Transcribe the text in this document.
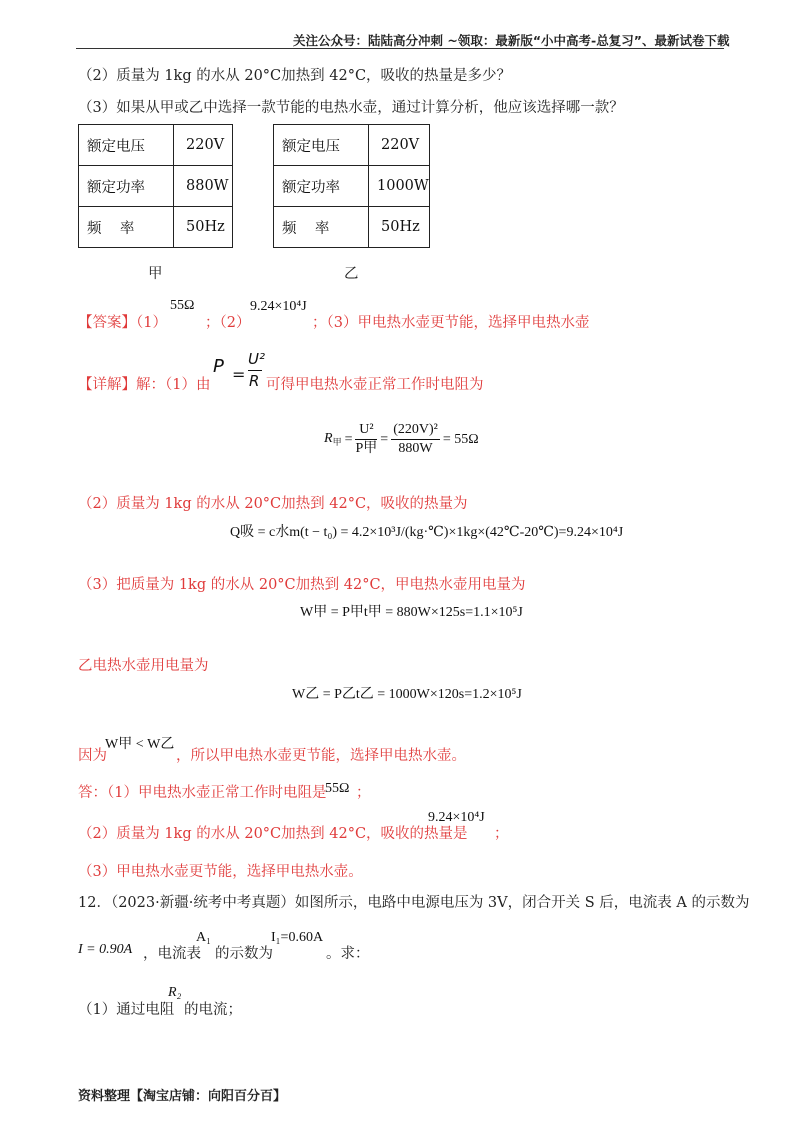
关注公众号：陆陆高分冲刺 ~领取：最新版“小中高考-总复习”、最新试卷下载
（2）质量为 1kg 的水从 20°C加热到 42°C，吸收的热量是多少？
（3）如果从甲或乙中选择一款节能的电热水壶，通过计算分析，他应该选择哪一款？
额定电压	220V
额定功率	880W
频    率	50Hz
甲
额定电压	220V
额定功率	1000W
频    率	50Hz
乙
【答案】（1）
55Ω
；（2）
9.24×10⁴J
；（3）甲电热水壶更节能，选择甲电热水壶
【详解】解：（1）由
P =
U²
R 可得甲电热水壶正常工作时电阻为
$R_甲 = \frac{\text{U²}}{\text{P甲}} = \frac{\text{(220V)²}}{880W} = 55\Omega$
（2）质量为 1kg 的水从 20°C加热到 42°C，吸收的热量为
Q吸 = c水m(t − t₀) = 4.2×10³J/(kg·℃)×1kg×(42℃-20℃)=9.24×10⁴J
（3）把质量为 1kg 的水从 20°C加热到 42°C，甲电热水壶用电量为
W甲 = P甲t甲 = 880W×125s=1.1×10⁵J
乙电热水壶用电量为
W乙 = P乙t乙 = 1000W×120s=1.2×10⁵J
W甲 < W乙
因为	，所以甲电热水壶更节能，选择甲电热水壶。
答：（1）甲电热水壶正常工作时电阻是
55Ω ；
（2）质量为 1kg 的水从 20°C加热到 42°C，吸收的热量是
9.24×10⁴J
；
（3）甲电热水壶更节能，选择甲电热水壶。
12．（2023·新疆·统考中考真题）如图所示，电路中电源电压为 3V，闭合开关 S 后，电流表 A 的示数为
I = 0.90A ，电流表
A₁
的示数为
I₁=0.60A
。求：
（1）通过电阻
R₂
的电流；
资料整理【淘宝店铺：向阳百分百】
